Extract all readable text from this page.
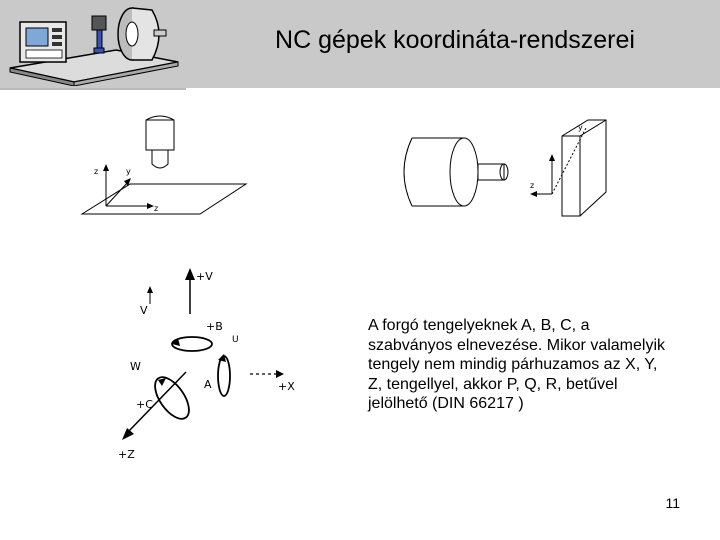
NC gépek koordináta-rendszerei
z	y
z
y
z
+V
V
+B
U
W
+C
+Z
A	+X

A forgó tengelyeknek A, B, C, a szabványos elnevezése. Mikor valamelyik tengely nem mindig párhuzamos az X, Y, Z, tengellyel, akkor P, Q, R, betűvel jelölhető (DIN 66217 )

11
